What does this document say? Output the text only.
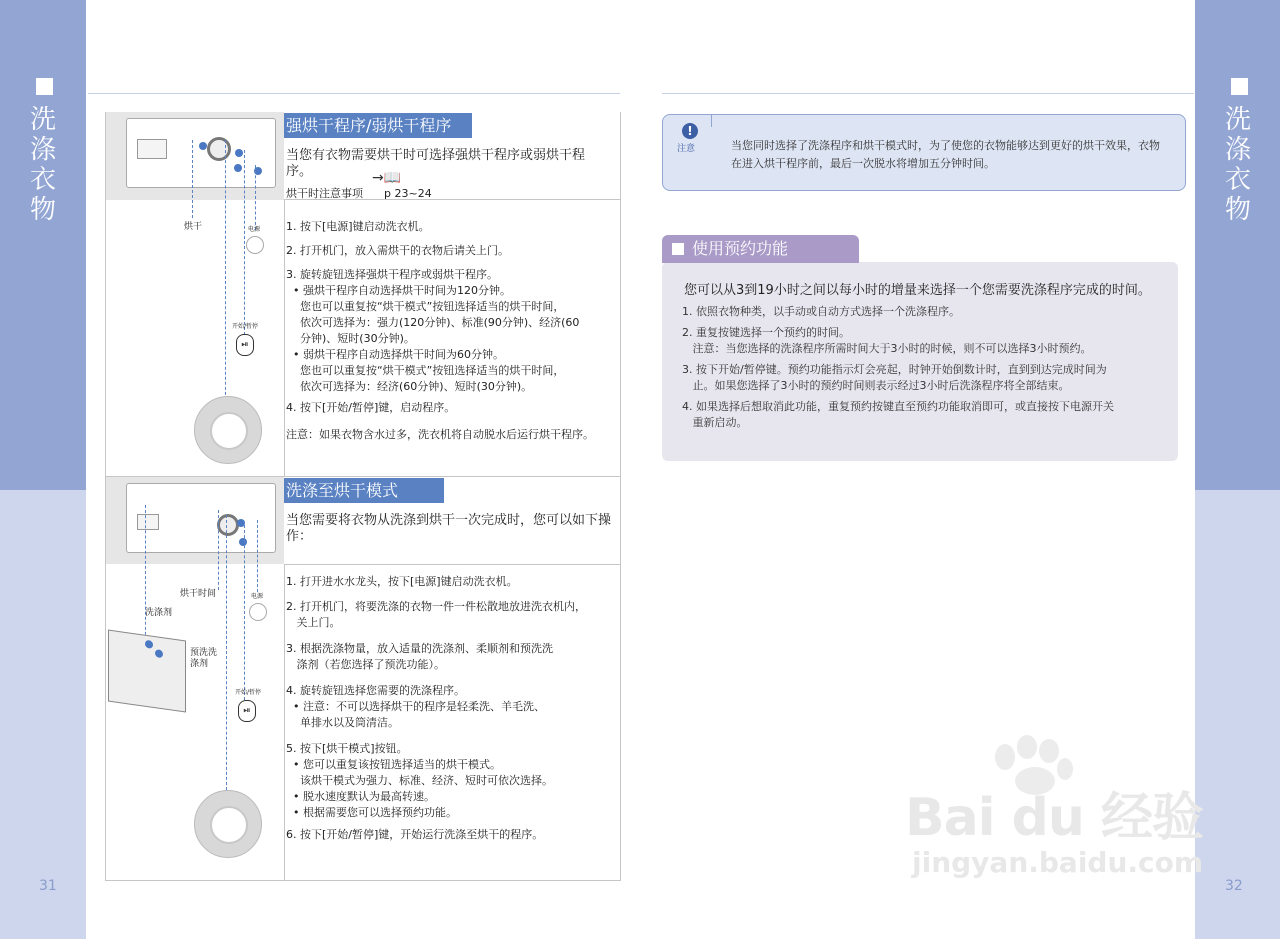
洗
涤
衣
物
31
洗
涤
衣
物
32
烘干	电源
开始/暂停
⏯
强烘干程序/弱烘干程序
当您有衣物需要烘干时可选择强烘干程序或弱烘干程序。
烘干时注意事项
→📖
p 23~24
1. 按下[电源]键启动洗衣机。
2. 打开机门，放入需烘干的衣物后请关上门。
3. 旋转旋钮选择强烘干程序或弱烘干程序。
• 强烘干程序自动选择烘干时间为120分钟。
您也可以重复按“烘干模式”按钮选择适当的烘干时间，
依次可选择为：强力(120分钟)、标准(90分钟)、经济(60
分钟)、短时(30分钟)。
• 弱烘干程序自动选择烘干时间为60分钟。
您也可以重复按“烘干模式”按钮选择适当的烘干时间，
依次可选择为：经济(60分钟)、短时(30分钟)。
4. 按下[开始/暂停]键，启动程序。
注意：如果衣物含水过多，洗衣机将自动脱水后运行烘干程序。
烘干时间
洗涤剂
预洗洗涤剂
电源
开始/暂停
⏯
洗涤至烘干模式
当您需要将衣物从洗涤到烘干一次完成时，您可以如下操作：
1. 打开进水水龙头，按下[电源]键启动洗衣机。
2. 打开机门，将要洗涤的衣物一件一件松散地放进洗衣机内，
关上门。
3. 根据洗涤物量，放入适量的洗涤剂、柔顺剂和预洗洗
涤剂（若您选择了预洗功能）。
4. 旋转旋钮选择您需要的洗涤程序。
• 注意：不可以选择烘干的程序是轻柔洗、羊毛洗、
单排水以及筒清洁。
5. 按下[烘干模式]按钮。
• 您可以重复该按钮选择适当的烘干模式。
该烘干模式为强力、标准、经济、短时可依次选择。
• 脱水速度默认为最高转速。
• 根据需要您可以选择预约功能。
6. 按下[开始/暂停]键，开始运行洗涤至烘干的程序。
!
注意	当您同时选择了洗涤程序和烘干模式时，为了使您的衣物能够达到更好的烘干效果，衣物在进入烘干程序前，最后一次脱水将增加五分钟时间。
使用预约功能
您可以从3到19小时之间以每小时的增量来选择一个您需要洗涤程序完成的时间。
1. 依照衣物种类，以手动或自动方式选择一个洗涤程序。
2. 重复按键选择一个预约的时间。
注意：当您选择的洗涤程序所需时间大于3小时的时候，则不可以选择3小时预约。
3. 按下开始/暂停键。预约功能指示灯会亮起，时钟开始倒数计时，直到到达完成时间为
止。如果您选择了3小时的预约时间则表示经过3小时后洗涤程序将全部结束。
4. 如果选择后想取消此功能，重复预约按键直至预约功能取消即可，或直接按下电源开关
重新启动。
Bai du 经验
jingyan.baidu.com
